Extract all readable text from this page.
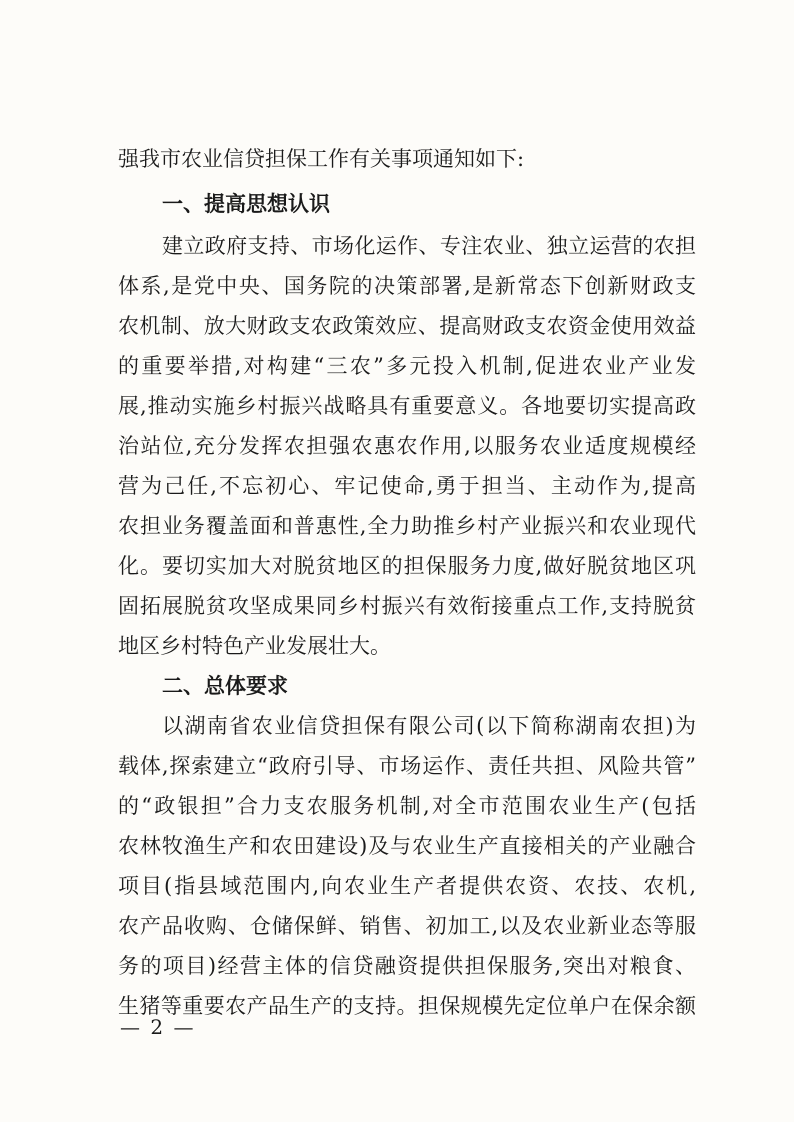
强我市农业信贷担保工作有关事项通知如下:
一、提高思想认识
建立政府支持、市场化运作、专注农业、独立运营的农担
体系,是党中央、国务院的决策部署,是新常态下创新财政支
农机制、放大财政支农政策效应、提高财政支农资金使用效益
的重要举措,对构建“三农”多元投入机制,促进农业产业发
展,推动实施乡村振兴战略具有重要意义。各地要切实提高政
治站位,充分发挥农担强农惠农作用,以服务农业适度规模经
营为己任,不忘初心、牢记使命,勇于担当、主动作为,提高
农担业务覆盖面和普惠性,全力助推乡村产业振兴和农业现代
化。要切实加大对脱贫地区的担保服务力度,做好脱贫地区巩
固拓展脱贫攻坚成果同乡村振兴有效衔接重点工作,支持脱贫
地区乡村特色产业发展壮大。
二、总体要求
以湖南省农业信贷担保有限公司(以下简称湖南农担)为
载体,探索建立“政府引导、市场运作、责任共担、风险共管”
的“政银担”合力支农服务机制,对全市范围农业生产(包括
农林牧渔生产和农田建设)及与农业生产直接相关的产业融合
项目(指县域范围内,向农业生产者提供农资、农技、农机,
农产品收购、仓储保鲜、销售、初加工,以及农业新业态等服
务的项目)经营主体的信贷融资提供担保服务,突出对粮食、
生猪等重要农产品生产的支持。担保规模先定位单户在保余额
— 2 —
